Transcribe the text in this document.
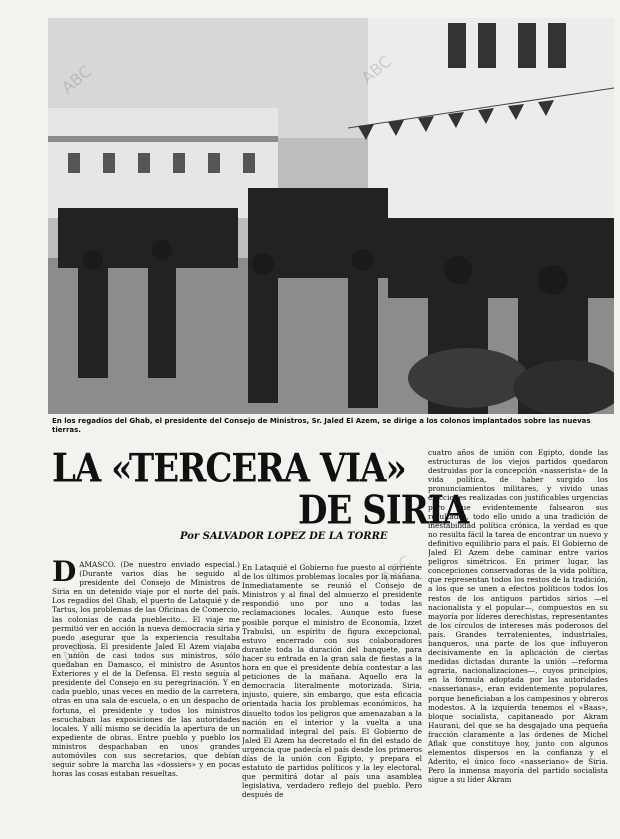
En los regadíos del Ghab, el presidente del Consejo de Ministros, Sr. Jaled El Azem, se dirige a los colonos implantados sobre las nuevas tierras.
LA «TERCERA VIA»
DE SIRIA
Por SALVADOR LOPEZ DE LA TORRE
DAMASCO. (De nuestro enviado especial.) (Durante varios días he seguido al presidente del Consejo de Ministros de Siria en un detenido viaje por el norte del país. Los regadíos del Ghab, el puerto de Lataquié y de Tartus, los problemas de las Oficinas de Comercio, las colonias de cada pueblecito... El viaje me permitió ver en acción la nueva democracia siria y puedo asegurar que la experiencia resultaba provechosa. El presidente Jaled El Azem viajaba en unión de casi todos sus ministros, sólo quedaban en Damasco, el ministro de Asuntos Exteriores y el de la Defensa. El resto seguía al presidente del Consejo en su peregrinación. Y en cada pueblo, unas veces en medio de la carretera, otras en una sala de escuela, o en un despacho de fortuna, el presidente y todos los ministros escuchaban las exposiciones de las autoridades locales. Y allí mismo se decidía la apertura de un expediente de obras. Entre pueblo y pueblo los ministros despachaban en unos grandes automóviles con sus secretarios, que debían seguir sobre la marcha las «dossiers» y en pocas horas las cosas estaban resueltas.
En Lataquié el Gobierno fue puesto al corriente de los últimos problemas locales por la mañana. Inmediatamente se reunió el Consejo de Ministros y al final del almuerzo el presidente respondió uno por uno a todas las reclamaciones locales. Aunque esto fuese posible porque el ministro de Economía, Izzet Trabulsi, un espíritu de figura excepcional, estuvo encerrado con sus colaboradores durante toda la duración del banquete, para hacer su entrada en la gran sala de fiestas a la hora en que el presidente debía contestar a las peticiones de la mañana. Aquello era la democracia literalmente motorizada. Siria, injusto, quiere, sin embargo, que esta eficacia orientada hacia los problemas económicos, ha disuelto todos los peligros que amenazaban a la nación en el interior y la vuelta a una normalidad integral del país. El Gobierno de Jaled El Azem ha decretado el fin del estado de urgencia que padecía el país desde los primeros días de la unión con Egipto, y prepara el estatuto de partidos políticos y la ley electoral, que permitirá dotar al país una asamblea legislativa, verdadero reflejo del pueblo. Pero después de
cuatro años de unión con Egipto, donde las estructuras de los viejos partidos quedaron destruidas por la concepción «nasserista» de la vida política, de haber surgido los pronunciamientos militares, y vivido unas elecciones realizadas con justificables urgencias pero que evidentemente falsearon sus resultados, todo ello unido a una tradición de inestabilidad política crónica, la verdad es que no resulta fácil la tarea de encontrar un nuevo y definitivo equilibrio para el país. El Gobierno de Jaled El Azem debe caminar entre varios peligros simétricos. En primer lugar, las concepciones conservadoras de la vida política, que representan todos los restos de la tradición, a los que se unen a efectos políticos todos los restos de los antiguos partidos sirios —el nacionalista y el popular—, compuestos en su mayoría por líderes derechistas, representantes de los círculos de intereses más poderosos del país. Grandes terratenientes, industriales, banqueros, una parte de los que influyeron decisivamente en la aplicación de ciertas medidas dictadas durante la unión —reforma agraria, nacionalizaciones—, cuyos principios, en la fórmula adoptada por las autoridades «nasserianas», eran evidentemente populares, porque beneficiaban a los campesinos y obreros modestos. A la izquierda tenemos el «Baas», bloque socialista, capitaneado por Akram Haurani, del que se ha desgajado una pequeña fracción claramente a las órdenes de Michel Aflak que constituye hoy, junto con algunos elementos dispersos en la confianza y el Aderito, el único foco «nasseriano» de Siria. Pero la inmensa mayoría del partido socialista sigue a su líder Akram
ABC	ABC
ABC
ABC
